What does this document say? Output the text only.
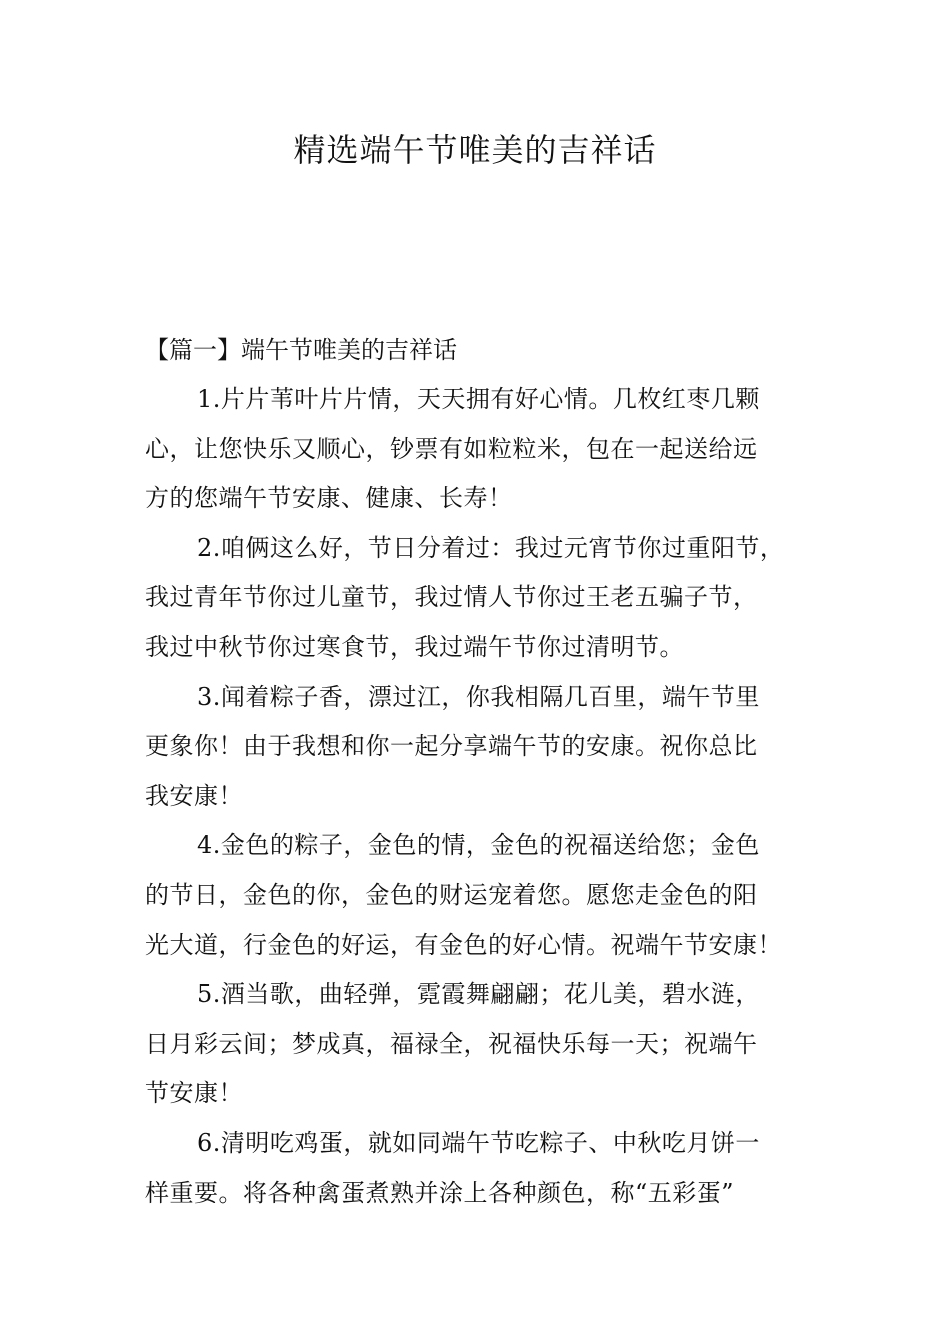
精选端午节唯美的吉祥话

【篇一】端午节唯美的吉祥话

1.片片苇叶片片情，天天拥有好心情。几枚红枣几颗
心，让您快乐又顺心，钞票有如粒粒米，包在一起送给远
方的您端午节安康、健康、长寿！
2.咱俩这么好，节日分着过：我过元宵节你过重阳节，
我过青年节你过儿童节，我过情人节你过王老五骗子节，
我过中秋节你过寒食节，我过端午节你过清明节。
3.闻着粽子香，漂过江，你我相隔几百里，端午节里
更象你！由于我想和你一起分享端午节的安康。祝你总比
我安康！
4.金色的粽子，金色的情，金色的祝福送给您；金色
的节日，金色的你，金色的财运宠着您。愿您走金色的阳
光大道，行金色的好运，有金色的好心情。祝端午节安康！
5.酒当歌，曲轻弹，霓霞舞翩翩；花儿美，碧水涟，
日月彩云间；梦成真，福禄全，祝福快乐每一天；祝端午
节安康！
6.清明吃鸡蛋，就如同端午节吃粽子、中秋吃月饼一
样重要。将各种禽蛋煮熟并涂上各种颜色，称“五彩蛋”
